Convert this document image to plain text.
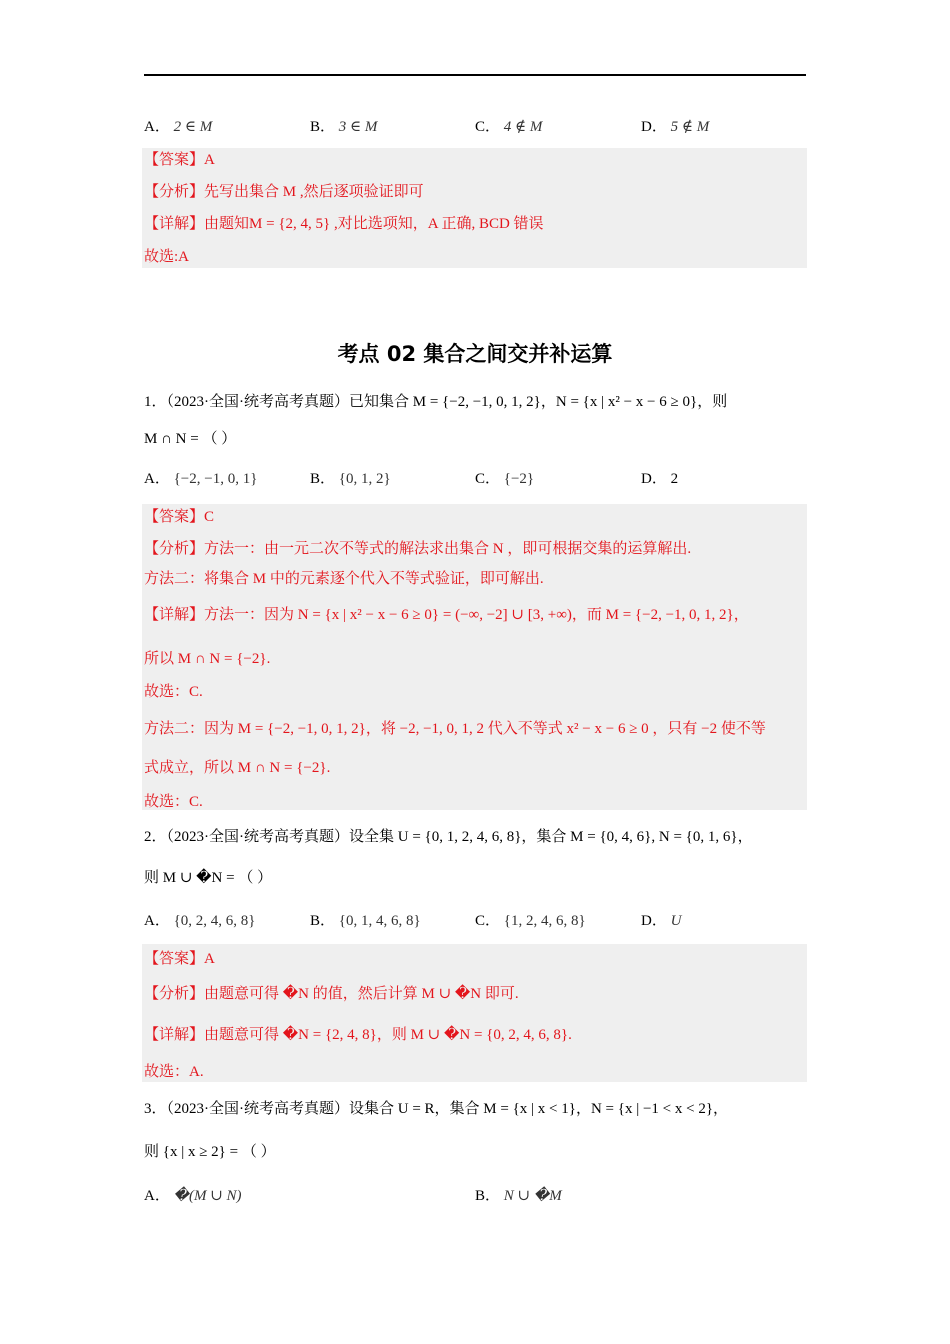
A． 2 ∈ M	B． 3 ∈ M	C． 4 ∉ M	D． 5 ∉ M
【答案】A
【分析】先写出集合 M ,然后逐项验证即可
【详解】由题知M = {2, 4, 5} ,对比选项知，A 正确, BCD 错误
故选:A
考点 02 集合之间交并补运算
1．（2023·全国·统考高考真题）已知集合 M = {−2, −1, 0, 1, 2}，N = {x | x² − x − 6 ≥ 0}，则
M ∩ N = （ ）
A． {−2, −1, 0, 1}	B． {0, 1, 2}	C． {−2}	D． 2
【答案】C
【分析】方法一：由一元二次不等式的解法求出集合 N ，即可根据交集的运算解出.
方法二：将集合 M 中的元素逐个代入不等式验证，即可解出.
【详解】方法一：因为 N = {x | x² − x − 6 ≥ 0} = (−∞, −2] ∪ [3, +∞)，而 M = {−2, −1, 0, 1, 2}，
所以 M ∩ N = {−2}.
故选：C.
方法二：因为 M = {−2, −1, 0, 1, 2}，将 −2, −1, 0, 1, 2 代入不等式 x² − x − 6 ≥ 0 ，只有 −2 使不等
式成立，所以 M ∩ N = {−2}.
故选：C.
2．（2023·全国·统考高考真题）设全集 U = {0, 1, 2, 4, 6, 8}，集合 M = {0, 4, 6}, N = {0, 1, 6}，
则 M ∪ �N = （ ）
A． {0, 2, 4, 6, 8}	B． {0, 1, 4, 6, 8}	C． {1, 2, 4, 6, 8}	D． U
【答案】A
【分析】由题意可得 �N 的值，然后计算 M ∪ �N 即可.
【详解】由题意可得 �N = {2, 4, 8}，则 M ∪ �N = {0, 2, 4, 6, 8}.
故选：A.
3．（2023·全国·统考高考真题）设集合 U = R，集合 M = {x | x < 1}，N = {x | −1 < x < 2}，
则 {x | x ≥ 2} = （ ）
A． �(M ∪ N)	B． N ∪ �M
